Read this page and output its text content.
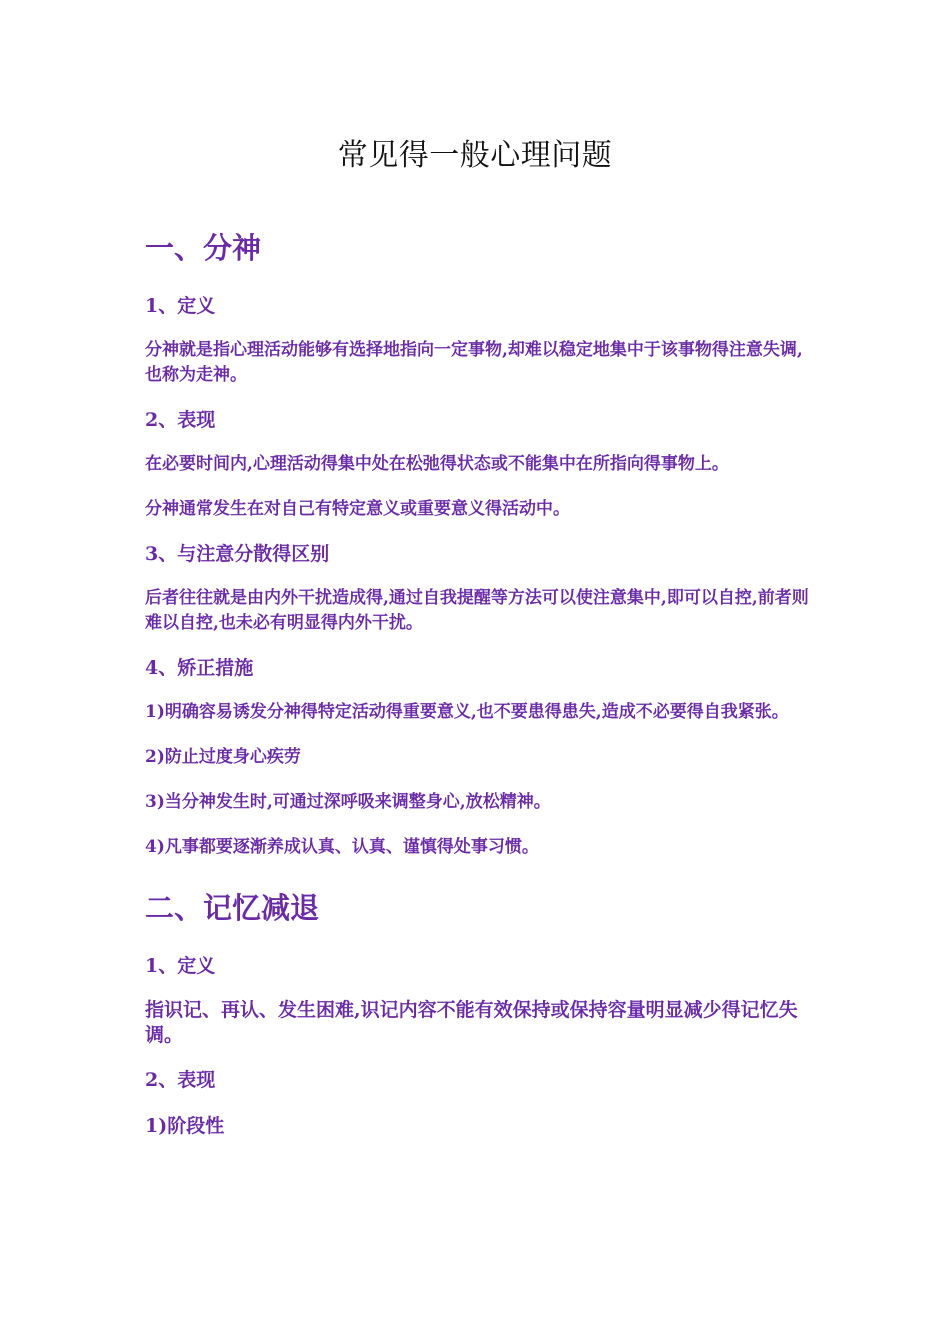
常见得一般心理问题
一、分神
1、定义
分神就是指心理活动能够有选择地指向一定事物,却难以稳定地集中于该事物得注意失调,也称为走神。
2、表现
在必要时间内,心理活动得集中处在松弛得状态或不能集中在所指向得事物上。
分神通常发生在对自己有特定意义或重要意义得活动中。
3、与注意分散得区别
后者往往就是由内外干扰造成得,通过自我提醒等方法可以使注意集中,即可以自控,前者则难以自控,也未必有明显得内外干扰。
4、矫正措施
1)明确容易诱发分神得特定活动得重要意义,也不要患得患失,造成不必要得自我紧张。
2)防止过度身心疾劳
3)当分神发生时,可通过深呼吸来调整身心,放松精神。
4)凡事都要逐渐养成认真、认真、谨慎得处事习惯。
二、记忆减退
1、定义
指识记、再认、发生困难,识记内容不能有效保持或保持容量明显减少得记忆失调。
2、表现
1)阶段性
